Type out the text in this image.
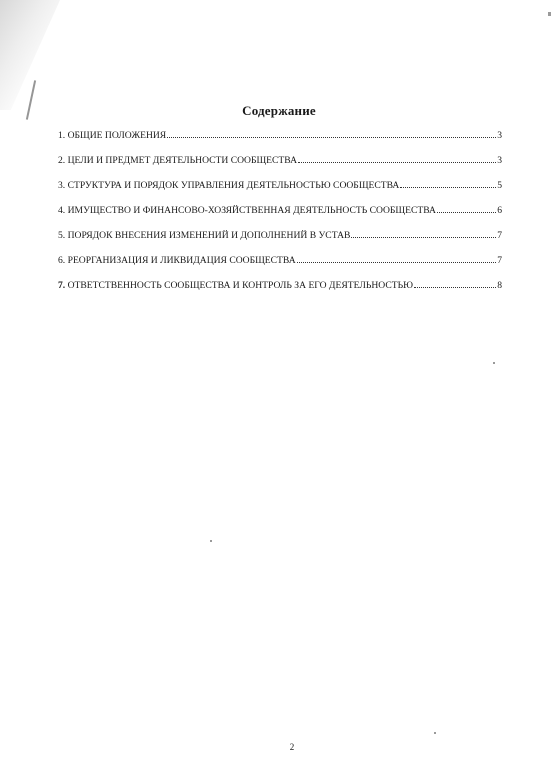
Содержание
1. ОБЩИЕ ПОЛОЖЕНИЯ	3
2. ЦЕЛИ И ПРЕДМЕТ ДЕЯТЕЛЬНОСТИ СООБЩЕСТВА	3
3. СТРУКТУРА И ПОРЯДОК УПРАВЛЕНИЯ ДЕЯТЕЛЬНОСТЬЮ СООБЩЕСТВА	5
4. ИМУЩЕСТВО И ФИНАНСОВО-ХОЗЯЙСТВЕННАЯ ДЕЯТЕЛЬНОСТЬ СООБЩЕСТВА	6
5. ПОРЯДОК ВНЕСЕНИЯ ИЗМЕНЕНИЙ И ДОПОЛНЕНИЙ В УСТАВ	7
6. РЕОРГАНИЗАЦИЯ И ЛИКВИДАЦИЯ СООБЩЕСТВА	7
7. ОТВЕТСТВЕННОСТЬ СООБЩЕСТВА И КОНТРОЛЬ ЗА ЕГО ДЕЯТЕЛЬНОСТЬЮ	8
2
